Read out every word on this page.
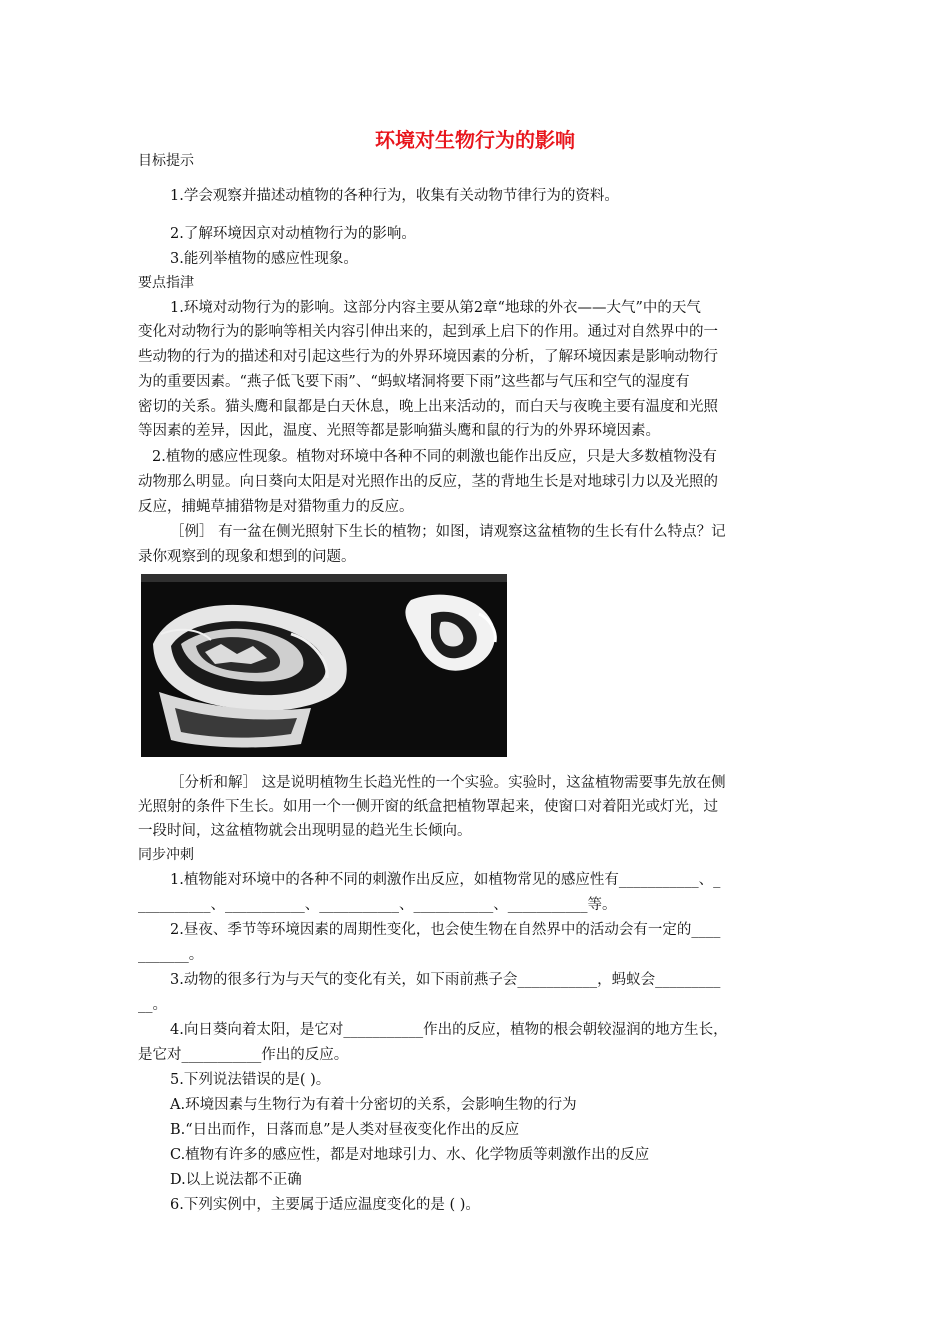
环境对生物行为的影响
目标提示
1.学会观察并描述动植物的各种行为，收集有关动物节律行为的资料。
2.了解环境因京对动植物行为的影响。
3.能列举植物的感应性现象。
要点指津
1.环境对动物行为的影响。这部分内容主要从第2章“地球的外衣——大气”中的天气
变化对动物行为的影响等相关内容引伸出来的，起到承上启下的作用。通过对自然界中的一
些动物的行为的描述和对引起这些行为的外界环境因素的分析，了解环境因素是影响动物行
为的重要因素。“燕子低飞要下雨”、“蚂蚁堵洞将要下雨”这些都与气压和空气的湿度有
密切的关系。猫头鹰和鼠都是白天休息，晚上出来活动的，而白天与夜晚主要有温度和光照
等因素的差异，因此，温度、光照等都是影响猫头鹰和鼠的行为的外界环境因素。
2.植物的感应性现象。植物对环境中各种不同的刺激也能作出反应，只是大多数植物没有
动物那么明显。向日葵向太阳是对光照作出的反应，茎的背地生长是对地球引力以及光照的
反应，捕蝇草捕猎物是对猎物重力的反应。
［例］ 有一盆在侧光照射下生长的植物；如图，请观察这盆植物的生长有什么特点？记
录你观察到的现象和想到的问题。
［分析和解］ 这是说明植物生长趋光性的一个实验。实验时，这盆植物需要事先放在侧
光照射的条件下生长。如用一个一侧开窗的纸盒把植物罩起来，使窗口对着阳光或灯光，过
一段时间，这盆植物就会出现明显的趋光生长倾向。
同步冲刺
1.植物能对环境中的各种不同的刺激作出反应，如植物常见的感应性有___________、_
__________、___________、___________、___________、___________等。
2.昼夜、季节等环境因素的周期性变化，也会使生物在自然界中的活动会有一定的____
_______。
3.动物的很多行为与天气的变化有关，如下雨前燕子会___________，蚂蚁会_________
__。
4.向日葵向着太阳，是它对___________作出的反应，植物的根会朝较湿润的地方生长，
是它对___________作出的反应。
5.下列说法错误的是( )。
A.环境因素与生物行为有着十分密切的关系，会影响生物的行为
B.“日出而作，日落而息”是人类对昼夜变化作出的反应
C.植物有许多的感应性，都是对地球引力、水、化学物质等刺激作出的反应
D.以上说法都不正确
6.下列实例中，主要属于适应温度变化的是 ( )。
